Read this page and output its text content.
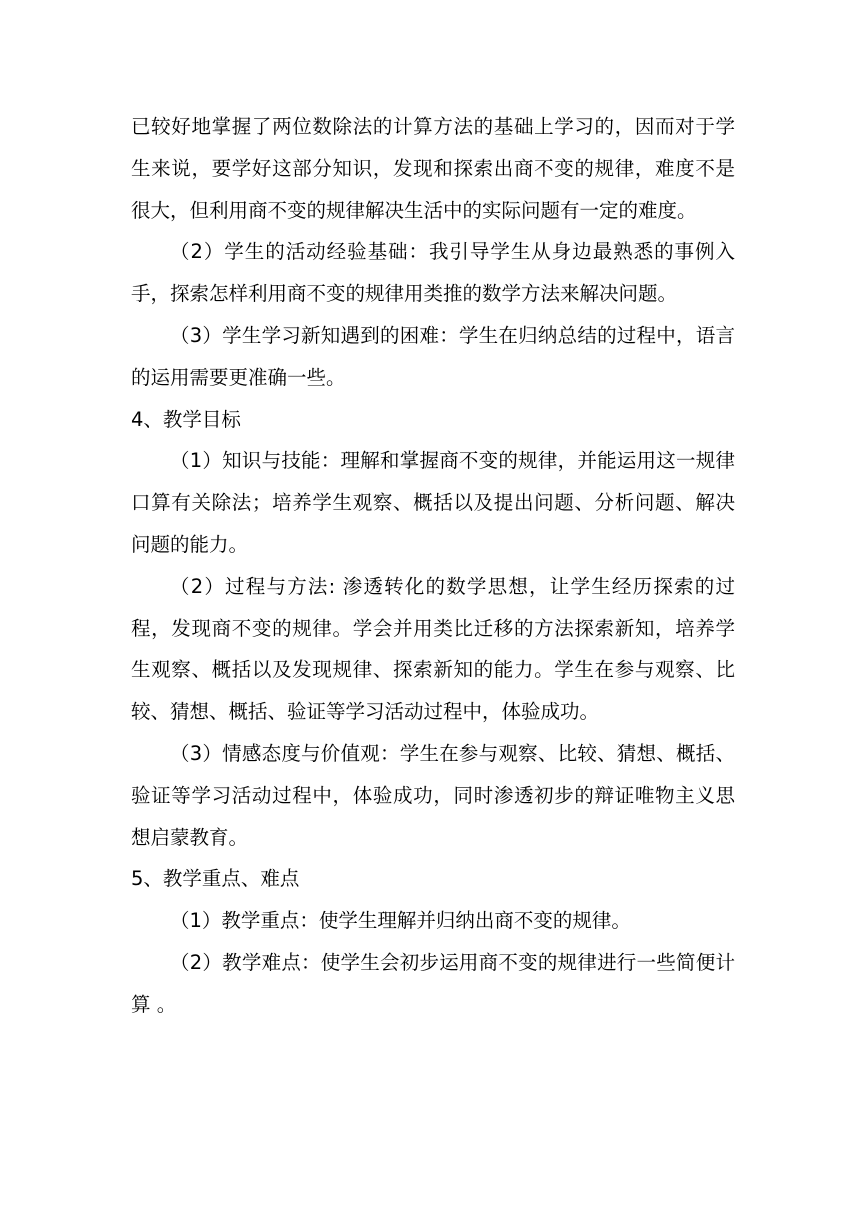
已较好地掌握了两位数除法的计算方法的基础上学习的，因而对于学生来说，要学好这部分知识，发现和探索出商不变的规律，难度不是很大，但利用商不变的规律解决生活中的实际问题有一定的难度。

（2）学生的活动经验基础：我引导学生从身边最熟悉的事例入手，探索怎样利用商不变的规律用类推的数学方法来解决问题。

（3）学生学习新知遇到的困难：学生在归纳总结的过程中，语言的运用需要更准确一些。

4、教学目标

（1）知识与技能：理解和掌握商不变的规律，并能运用这一规律口算有关除法；培养学生观察、概括以及提出问题、分析问题、解决问题的能力。

（2）过程与方法: 渗透转化的数学思想，让学生经历探索的过程，发现商不变的规律。学会并用类比迁移的方法探索新知，培养学生观察、概括以及发现规律、探索新知的能力。学生在参与观察、比较、猜想、概括、验证等学习活动过程中，体验成功。

（3）情感态度与价值观：学生在参与观察、比较、猜想、概括、验证等学习活动过程中，体验成功，同时渗透初步的辩证唯物主义思想启蒙教育。

5、教学重点、难点

（1）教学重点：使学生理解并归纳出商不变的规律。

（2）教学难点：使学生会初步运用商不变的规律进行一些简便计算 。
